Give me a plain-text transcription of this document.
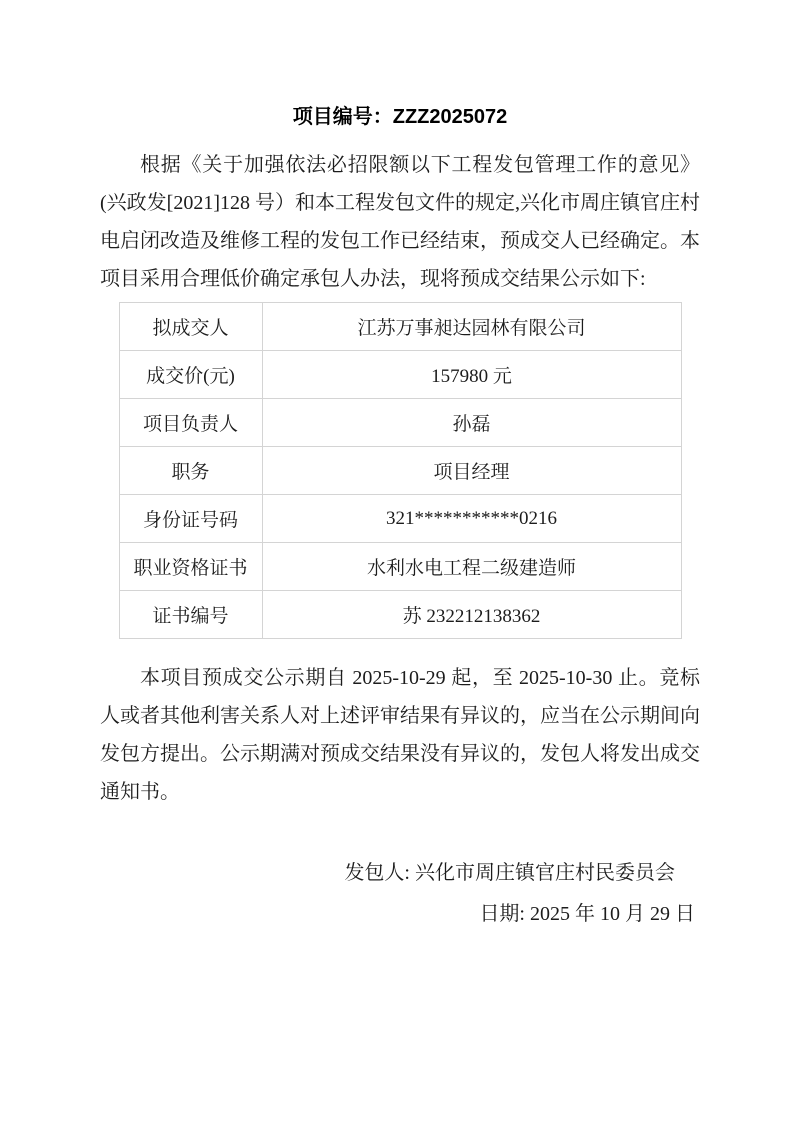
项目编号：ZZZ2025072

根据《关于加强依法必招限额以下工程发包管理工作的意见》(兴政发[2021]128 号）和本工程发包文件的规定,兴化市周庄镇官庄村电启闭改造及维修工程的发包工作已经结束，预成交人已经确定。本项目采用合理低价确定承包人办法，现将预成交结果公示如下:

拟成交人	江苏万事昶达园林有限公司
成交价(元)	157980 元
项目负责人	孙磊
职务	项目经理
身份证号码	321***********0216
职业资格证书	水利水电工程二级建造师
证书编号	苏 232212138362

本项目预成交公示期自 2025-10-29 起，至 2025-10-30 止。竞标人或者其他利害关系人对上述评审结果有异议的，应当在公示期间向发包方提出。公示期满对预成交结果没有异议的，发包人将发出成交通知书。

发包人: 兴化市周庄镇官庄村民委员会
日期: 2025 年 10 月 29 日
